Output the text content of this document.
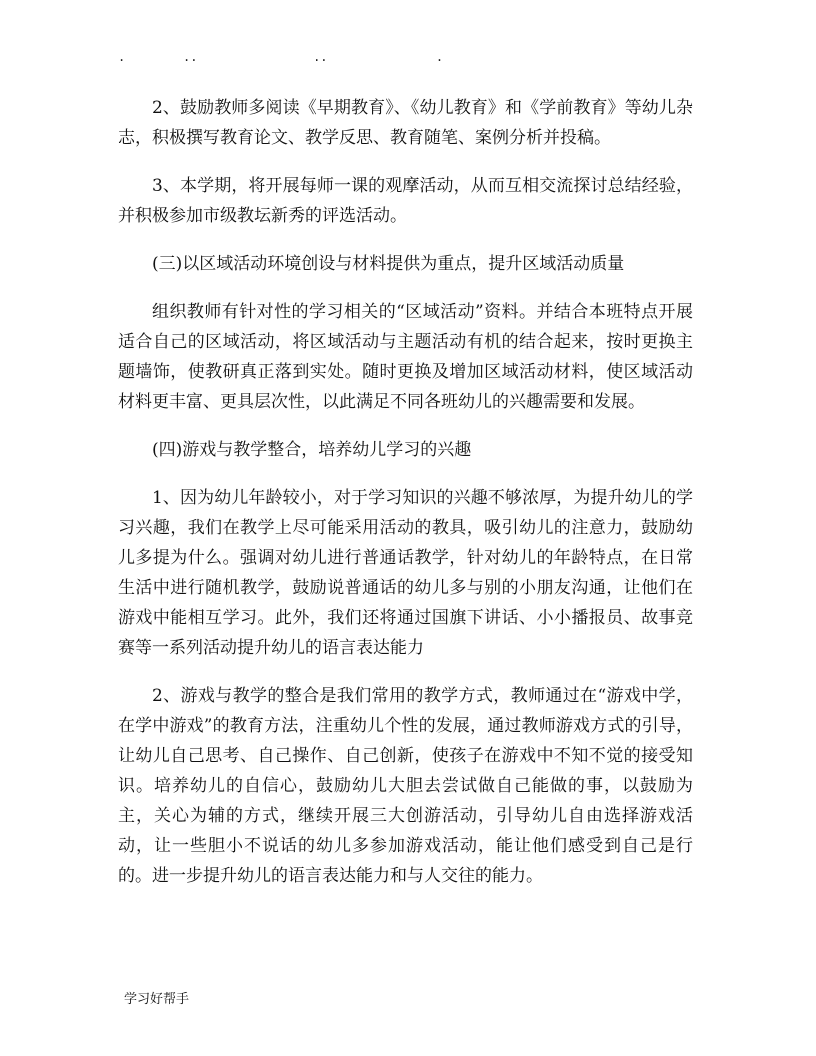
.        ..                ..               .

2、鼓励教师多阅读《早期教育》、《幼儿教育》和《学前教育》等幼儿杂志，积极撰写教育论文、教学反思、教育随笔、案例分析并投稿。

3、本学期，将开展每师一课的观摩活动，从而互相交流探讨总结经验，并积极参加市级教坛新秀的评选活动。

(三)以区域活动环境创设与材料提供为重点，提升区域活动质量

组织教师有针对性的学习相关的“区域活动”资料。并结合本班特点开展适合自己的区域活动，将区域活动与主题活动有机的结合起来，按时更换主题墙饰，使教研真正落到实处。随时更换及增加区域活动材料，使区域活动材料更丰富、更具层次性，以此满足不同各班幼儿的兴趣需要和发展。

(四)游戏与教学整合，培养幼儿学习的兴趣

1、因为幼儿年龄较小，对于学习知识的兴趣不够浓厚，为提升幼儿的学习兴趣，我们在教学上尽可能采用活动的教具，吸引幼儿的注意力，鼓励幼儿多提为什么。强调对幼儿进行普通话教学，针对幼儿的年龄特点，在日常生活中进行随机教学，鼓励说普通话的幼儿多与别的小朋友沟通，让他们在游戏中能相互学习。此外，我们还将通过国旗下讲话、小小播报员、故事竞赛等一系列活动提升幼儿的语言表达能力

2、游戏与教学的整合是我们常用的教学方式，教师通过在“游戏中学，在学中游戏”的教育方法，注重幼儿个性的发展，通过教师游戏方式的引导，让幼儿自己思考、自己操作、自己创新，使孩子在游戏中不知不觉的接受知识。培养幼儿的自信心，鼓励幼儿大胆去尝试做自己能做的事，以鼓励为主，关心为辅的方式，继续开展三大创游活动，引导幼儿自由选择游戏活动，让一些胆小不说话的幼儿多参加游戏活动，能让他们感受到自己是行的。进一步提升幼儿的语言表达能力和与人交往的能力。

学习好帮手
